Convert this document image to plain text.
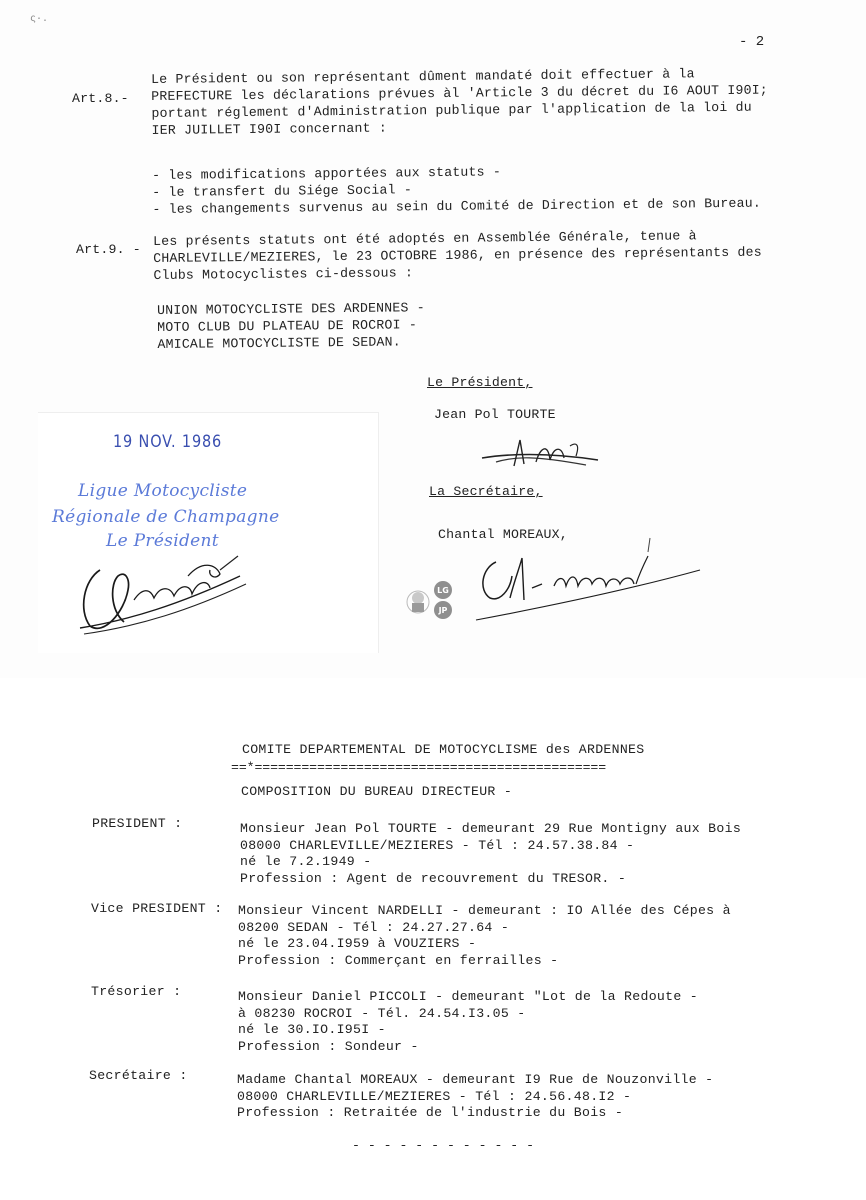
ς·.
- 2
Art.8.-
Le Président ou son représentant dûment mandaté doit effectuer à la
PREFECTURE les déclarations prévues àl 'Article 3 du décret du I6 AOUT I90I;
portant réglement d'Administration publique par l'application de la loi du
IER JUILLET I90I concernant :
- les modifications apportées aux statuts -
- le transfert du Siége Social -
- les changements survenus au sein du Comité de Direction et de son Bureau.
Art.9. -
Les présents statuts ont été adoptés en Assemblée Générale, tenue à
CHARLEVILLE/MEZIERES, le 23 OCTOBRE 1986, en présence des représentants des
Clubs Motocyclistes ci-dessous :
UNION MOTOCYCLISTE DES ARDENNES -
MOTO CLUB DU PLATEAU DE ROCROI -
AMICALE MOTOCYCLISTE DE SEDAN.
Le Président,
Jean Pol TOURTE
La Secrétaire,
Chantal MOREAUX,
LG
JP
19 NOV. 1986
Ligue Motocycliste
Régionale de Champagne
Le Président
COMITE DEPARTEMENTAL DE MOTOCYCLISME des ARDENNES
==*=============================================
COMPOSITION DU BUREAU DIRECTEUR -
PRESIDENT :	Monsieur Jean Pol TOURTE - demeurant 29 Rue Montigny aux Bois
08000 CHARLEVILLE/MEZIERES - Tél : 24.57.38.84 -
né le 7.2.1949 -
Profession : Agent de recouvrement du TRESOR. -
Vice PRESIDENT : Monsieur Vincent NARDELLI - demeurant : IO Allée des Cépes à
08200 SEDAN - Tél : 24.27.27.64 -
né le 23.04.I959 à VOUZIERS -
Profession : Commerçant en ferrailles -
Trésorier :	Monsieur Daniel PICCOLI - demeurant "Lot de la Redoute -
à 08230 ROCROI - Tél. 24.54.I3.05 -
né le 30.IO.I95I -
Profession : Sondeur -
Secrétaire :	Madame Chantal MOREAUX - demeurant I9 Rue de Nouzonville -
08000 CHARLEVILLE/MEZIERES - Tél : 24.56.48.I2 -
Profession : Retraitée de l'industrie du Bois -
- - - - - - - - - - - -
